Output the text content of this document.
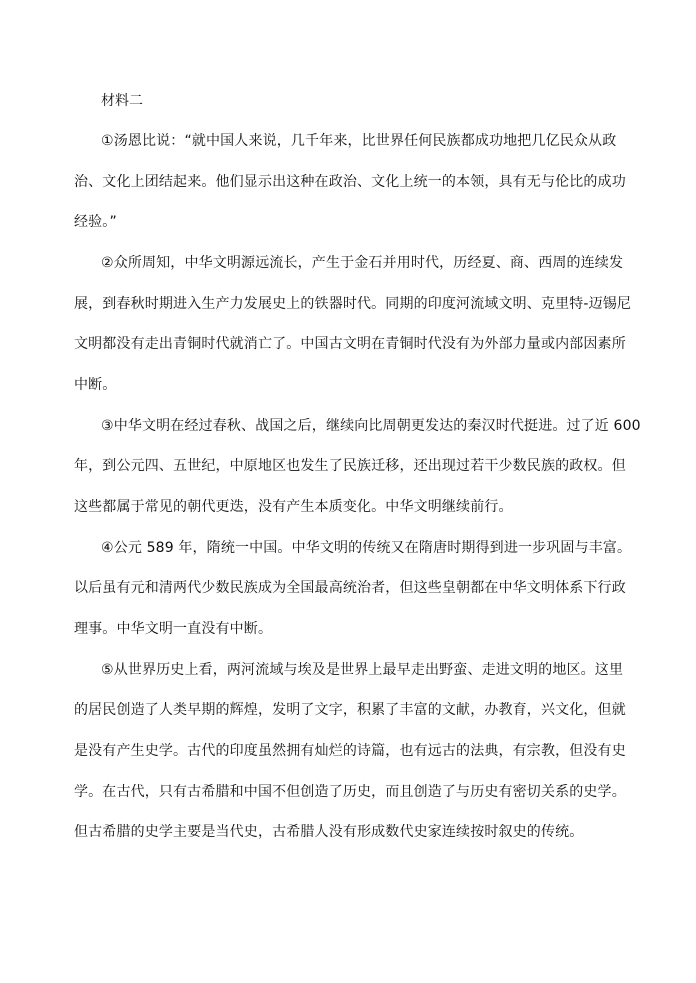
材料二
①汤恩比说：“就中国人来说，几千年来，比世界任何民族都成功地把几亿民众从政
治、文化上团结起来。他们显示出这种在政治、文化上统一的本领，具有无与伦比的成功
经验。”
②众所周知，中华文明源远流长，产生于金石并用时代，历经夏、商、西周的连续发
展，到春秋时期进入生产力发展史上的铁器时代。同期的印度河流域文明、克里特-迈锡尼
文明都没有走出青铜时代就消亡了。中国古文明在青铜时代没有为外部力量或内部因素所
中断。
③中华文明在经过春秋、战国之后，继续向比周朝更发达的秦汉时代挺进。过了近 600
年，到公元四、五世纪，中原地区也发生了民族迁移，还出现过若干少数民族的政权。但
这些都属于常见的朝代更迭，没有产生本质变化。中华文明继续前行。
④公元 589 年，隋统一中国。中华文明的传统又在隋唐时期得到进一步巩固与丰富。
以后虽有元和清两代少数民族成为全国最高统治者，但这些皇朝都在中华文明体系下行政
理事。中华文明一直没有中断。
⑤从世界历史上看，两河流域与埃及是世界上最早走出野蛮、走进文明的地区。这里
的居民创造了人类早期的辉煌，发明了文字，积累了丰富的文献，办教育，兴文化，但就
是没有产生史学。古代的印度虽然拥有灿烂的诗篇，也有远古的法典，有宗教，但没有史
学。在古代，只有古希腊和中国不但创造了历史，而且创造了与历史有密切关系的史学。
但古希腊的史学主要是当代史，古希腊人没有形成数代史家连续按时叙史的传统。
